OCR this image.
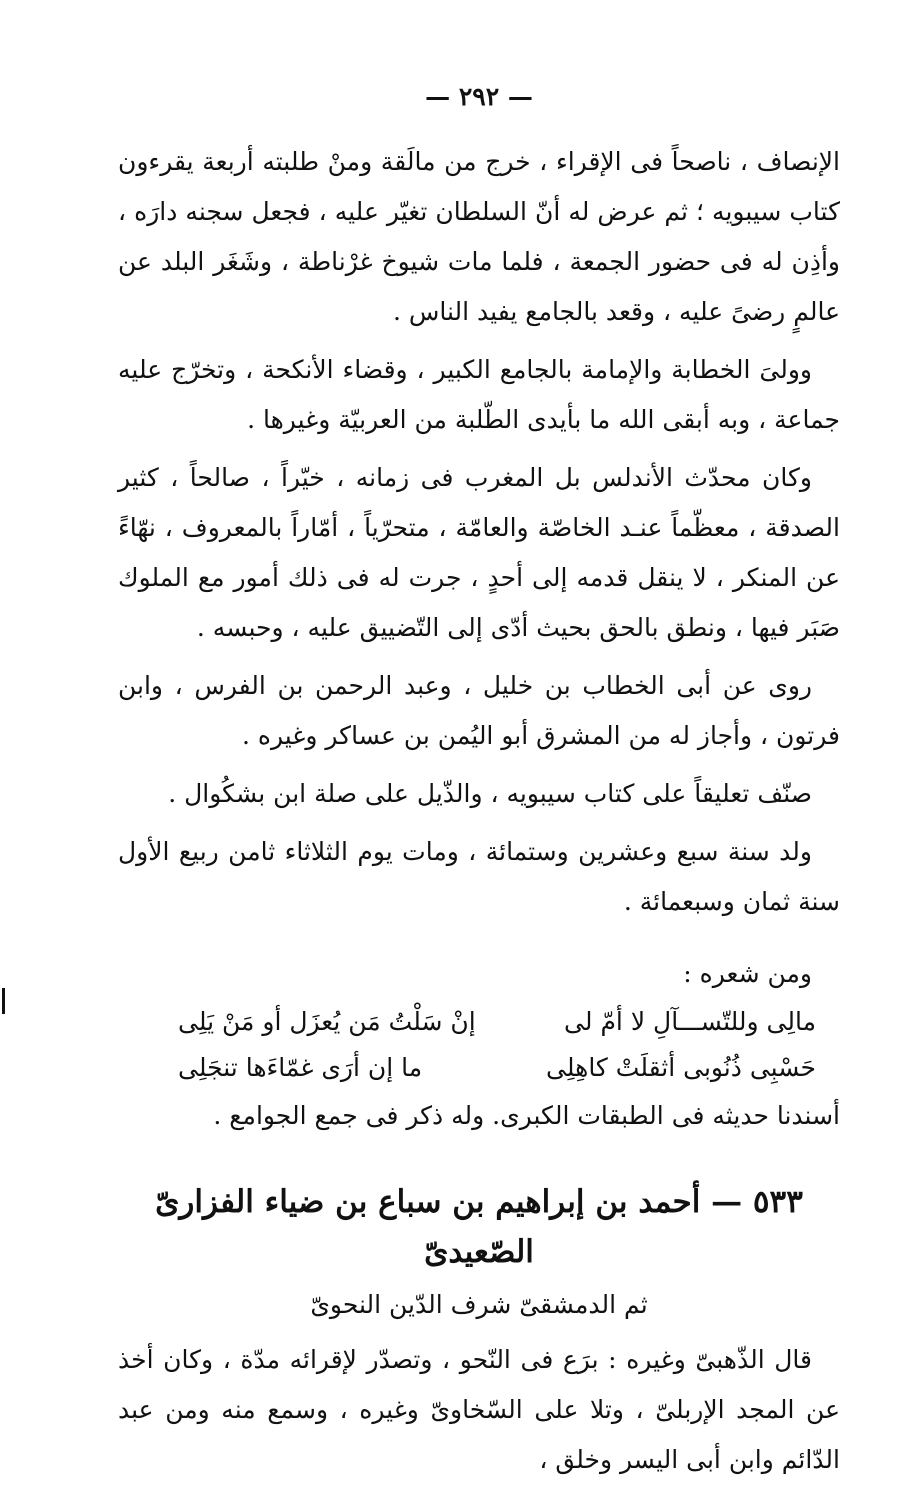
— ٢٩٢ —

الإنصاف ، ناصحاً فى الإقراء ، خرج من مالَقة ومنْ طلبته أربعة يقرءون كتاب سيبويه ؛ ثم عرض له أنّ السلطان تغيّر عليه ، فجعل سجنه دارَه ، وأذِن له فى حضور الجمعة ، فلما مات شيوخ غرْناطة ، وشَغَر البلد عن عالمٍ رضىً عليه ، وقعد بالجامع يفيد الناس .

وولىَ الخطابة والإمامة بالجامع الكبير ، وقضاء الأنكحة ، وتخرّج عليه جماعة ، وبه أبقى الله ما بأيدى الطّلبة من العربيّة وغيرها .

وكان محدّث الأندلس بل المغرب فى زمانه ، خيّراً ، صالحاً ، كثير الصدقة ، معظّماً عنـد الخاصّة والعامّة ، متحرّياً ، أمّاراً بالمعروف ، نهّاءً عن المنكر ، لا ينقل قدمه إلى أحدٍ ، جرت له فى ذلك أمور مع الملوك صَبَر فيها ، ونطق بالحق بحيث أدّى إلى التّضييق عليه ، وحبسه .

روى عن أبى الخطاب بن خليل ، وعبد الرحمن بن الفرس ، وابن فرتون ، وأجاز له من المشرق أبو اليُمن بن عساكر وغيره .

صنّف تعليقاً على كتاب سيبويه ، والذّيل على صلة ابن بشكُوال .

ولد سنة سبع وعشرين وستمائة ، ومات يوم الثلاثاء ثامن ربيع الأول سنة ثمان وسبعمائة .

ومن شعره :

مالِى وللتّســـآلِ لا أمّ لى
إنْ سَلْتُ مَن يُعزَل أو مَنْ يَلِى
حَسْبِى ذُنُوبى أثقلَتْ كاهِلِى
ما إن أرَى غمّاءَها تنجَلِى

أسندنا حديثه فى الطبقات الكبرى. وله ذكر فى جمع الجوامع .

٥٣٣ — أحمد بن إبراهيم بن سباع بن ضياء الفزارىّ الصّعيدىّ
ثم الدمشقىّ شرف الدّين النحوىّ

قال الذّهبىّ وغيره : برَع فى النّحو ، وتصدّر لإقرائه مدّة ، وكان أخذ عن المجد الإربلىّ ، وتلا على السّخاوىّ وغيره ، وسمع منه ومن عبد الدّائم وابن أبى اليسر وخلق ،
